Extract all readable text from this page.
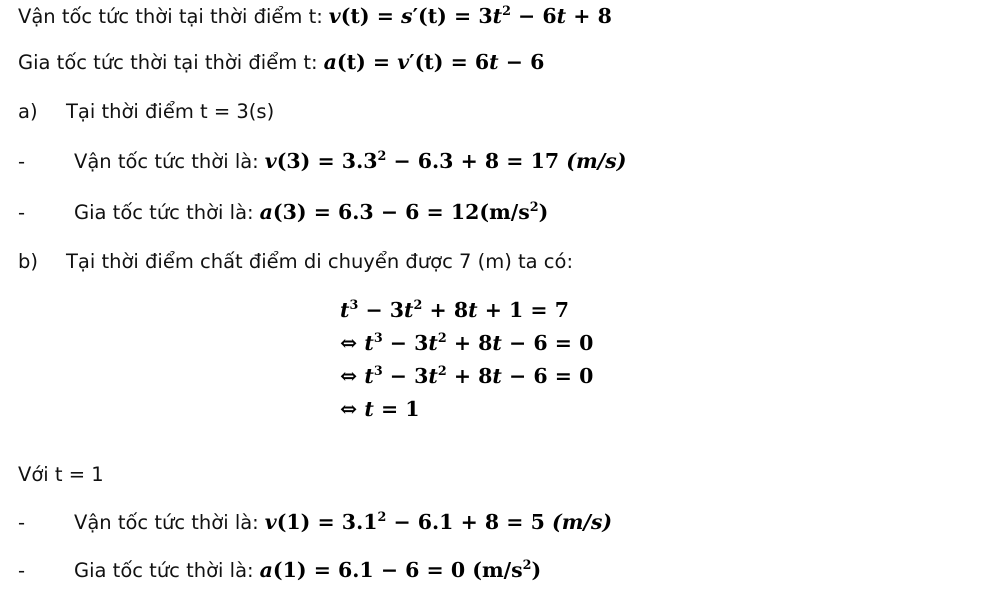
Vận tốc tức thời tại thời điểm t: $v(t) = s'(t) = 3t^2 - 6t + 8$
Gia tốc tức thời tại thời điểm t: a(t) = v′(t) = 6t − 6
a)	Tại thời điểm t = 3(s)
-	Vận tốc tức thời là: $v(3) = 3.3^2 - 6.3 + 8 = 17$ (m/s)
-	Gia tốc tức thời là: $a(3) = 6.3 - 6 = 12(m/s^2)$
b)	Tại thời điểm chất điểm di chuyển được 7 (m) ta có:
$t^3 - 3t^2 + 8t + 1 = 7$
⇔ $t^3 - 3t^2 + 8t - 6 = 0$
⇔ $t^3 - 3t^2 + 8t - 6 = 0$
⇔ t = 1
Với t = 1
-	Vận tốc tức thời là: $v(1) = 3.1^2 - 6.1 + 8 = 5$ (m/s)
-	Gia tốc tức thời là: a(1) = 6.1 − 6 = 0 $(m/s^2)$
